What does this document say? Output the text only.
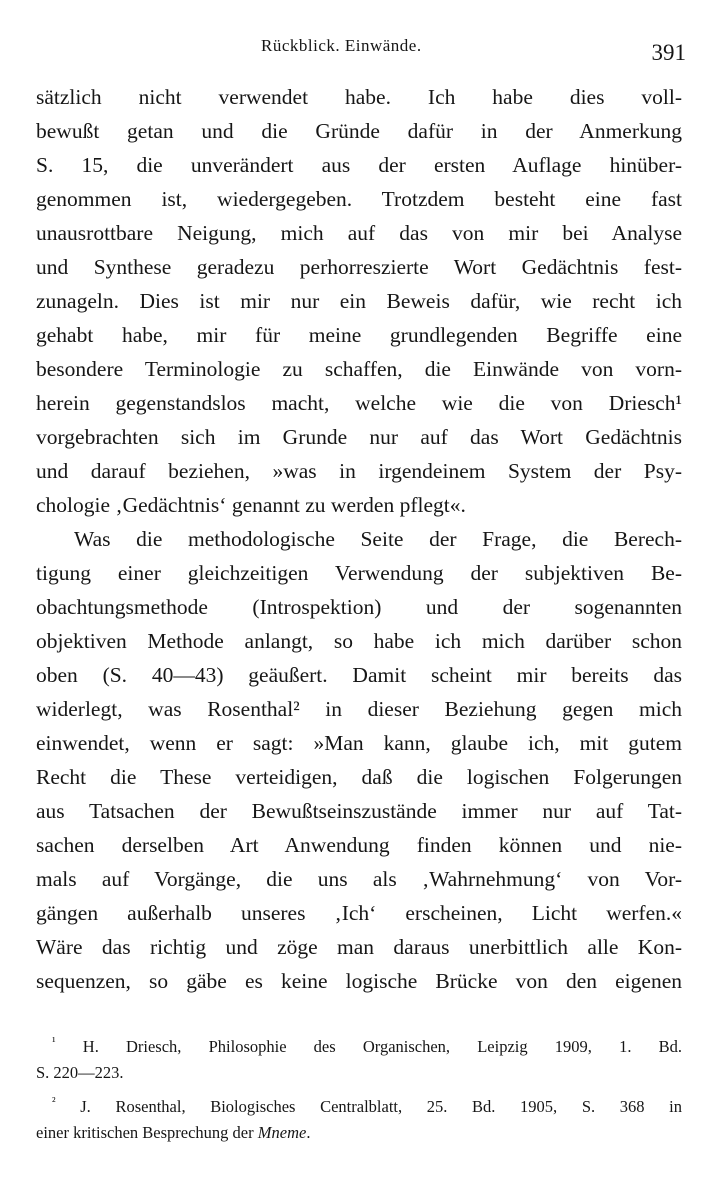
Rückblick. Einwände.	391
sätzlich nicht verwendet habe. Ich habe dies voll-
bewußt getan und die Gründe dafür in der Anmerkung
S. 15, die unverändert aus der ersten Auflage hinüber-
genommen ist, wiedergegeben. Trotzdem besteht eine fast
unausrottbare Neigung, mich auf das von mir bei Analyse
und Synthese geradezu perhorreszierte Wort Gedächtnis fest-
zunageln. Dies ist mir nur ein Beweis dafür, wie recht ich
gehabt habe, mir für meine grundlegenden Begriffe eine
besondere Terminologie zu schaffen, die Einwände von vorn-
herein gegenstandslos macht, welche wie die von Driesch¹
vorgebrachten sich im Grunde nur auf das Wort Gedächtnis
und darauf beziehen, »was in irgendeinem System der Psy-
chologie ‚Gedächtnis‘ genannt zu werden pflegt«.
Was die methodologische Seite der Frage, die Berech-
tigung einer gleichzeitigen Verwendung der subjektiven Be-
obachtungsmethode (Introspektion) und der sogenannten
objektiven Methode anlangt, so habe ich mich darüber schon
oben (S. 40—43) geäußert. Damit scheint mir bereits das
widerlegt, was Rosenthal² in dieser Beziehung gegen mich
einwendet, wenn er sagt: »Man kann, glaube ich, mit gutem
Recht die These verteidigen, daß die logischen Folgerungen
aus Tatsachen der Bewußtseinszustände immer nur auf Tat-
sachen derselben Art Anwendung finden können und nie-
mals auf Vorgänge, die uns als ‚Wahrnehmung‘ von Vor-
gängen außerhalb unseres ‚Ich‘ erscheinen, Licht werfen.«
Wäre das richtig und zöge man daraus unerbittlich alle Kon-
sequenzen, so gäbe es keine logische Brücke von den eigenen
$^{^1}$ H. Driesch, Philosophie des Organischen, Leipzig 1909, 1. Bd.
S. 220—223.
$^{^2}$ J. Rosenthal, Biologisches Centralblatt, 25. Bd. 1905, S. 368 in
einer kritischen Besprechung der Mneme.
